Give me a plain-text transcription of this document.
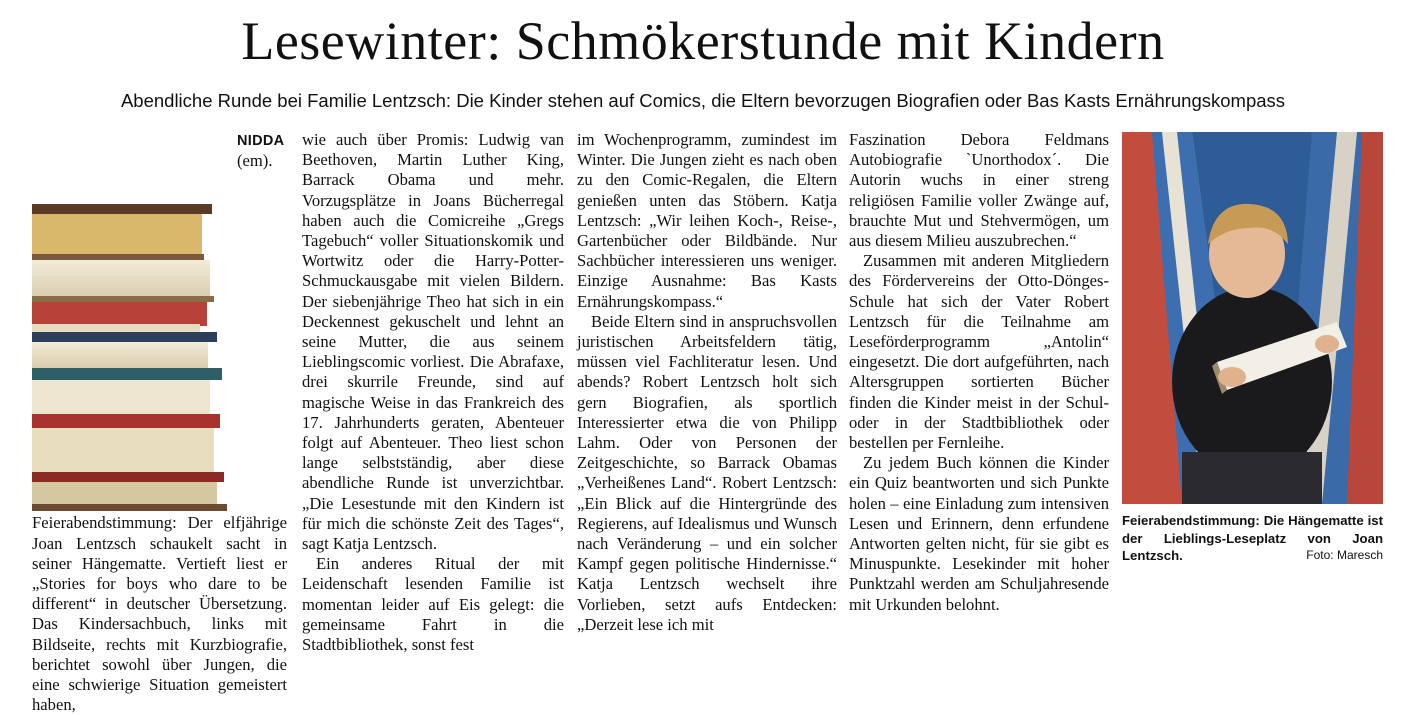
Lesewinter: Schmökerstunde mit Kindern
Abendliche Runde bei Familie Lentzsch: Die Kinder stehen auf Comics, die Eltern bevorzugen Biografien oder Bas Kasts Ernährungskompass

NIDDA (em). Feierabendstimmung: Der elfjährige Joan Lentzsch schaukelt sacht in seiner Hängematte. Vertieft liest er „Stories for boys who dare to be different“ in deutscher Übersetzung. Das Kindersachbuch, links mit Bildseite, rechts mit Kurzbiografie, berichtet sowohl über Jungen, die eine schwierige Situation gemeistert haben,

wie auch über Promis: Ludwig van Beethoven, Martin Luther King, Barrack Obama und mehr. Vorzugsplätze in Joans Bücherregal haben auch die Comicreihe „Gregs Tagebuch“ voller Situationskomik und Wortwitz oder die Harry-Potter-Schmuckausgabe mit vielen Bildern. Der siebenjährige Theo hat sich in ein Deckennest gekuschelt und lehnt an seine Mutter, die aus seinem Lieblingscomic vorliest. Die Abrafaxe, drei skurrile Freunde, sind auf magische Weise in das Frankreich des 17. Jahrhunderts geraten, Abenteuer folgt auf Abenteuer. Theo liest schon lange selbstständig, aber diese abendliche Runde ist unverzichtbar. „Die Lesestunde mit den Kindern ist für mich die schönste Zeit des Tages“, sagt Katja Lentzsch.

Ein anderes Ritual der mit Leidenschaft lesenden Familie ist momentan leider auf Eis gelegt: die gemeinsame Fahrt in die Stadtbibliothek, sonst fest

im Wochenprogramm, zumindest im Winter. Die Jungen zieht es nach oben zu den Comic-Regalen, die Eltern genießen unten das Stöbern. Katja Lentzsch: „Wir leihen Koch-, Reise-, Gartenbücher oder Bildbände. Nur Sachbücher interessieren uns weniger. Einzige Ausnahme: Bas Kasts Ernährungskompass.“

Beide Eltern sind in anspruchsvollen juristischen Arbeitsfeldern tätig, müssen viel Fachliteratur lesen. Und abends? Robert Lentzsch holt sich gern Biografien, als sportlich Interessierter etwa die von Philipp Lahm. Oder von Personen der Zeitgeschichte, so Barrack Obamas „Verheißenes Land“. Robert Lentzsch: „Ein Blick auf die Hintergründe des Regierens, auf Idealismus und Wunsch nach Veränderung – und ein solcher Kampf gegen politische Hindernisse.“ Katja Lentzsch wechselt ihre Vorlieben, setzt aufs Entdecken: „Derzeit lese ich mit

Faszination Debora Feldmans Autobiografie `Unorthodox´. Die Autorin wuchs in einer streng religiösen Familie voller Zwänge auf, brauchte Mut und Stehvermögen, um aus diesem Milieu auszubrechen.“

Zusammen mit anderen Mitgliedern des Fördervereins der Otto-Dönges-Schule hat sich der Vater Robert Lentzsch für die Teilnahme am Leseförderprogramm „Antolin“ eingesetzt. Die dort aufgeführten, nach Altersgruppen sortierten Bücher finden die Kinder meist in der Schul- oder in der Stadtbibliothek oder bestellen per Fernleihe.

Zu jedem Buch können die Kinder ein Quiz beantworten und sich Punkte holen – eine Einladung zum intensiven Lesen und Erinnern, denn erfundene Antworten gelten nicht, für sie gibt es Minuspunkte. Lesekinder mit hoher Punktzahl werden am Schuljahresende mit Urkunden belohnt.

Feierabendstimmung: Die Hängematte ist der Lieblings-Leseplatz von Joan Lentzsch.	Foto: Maresch
